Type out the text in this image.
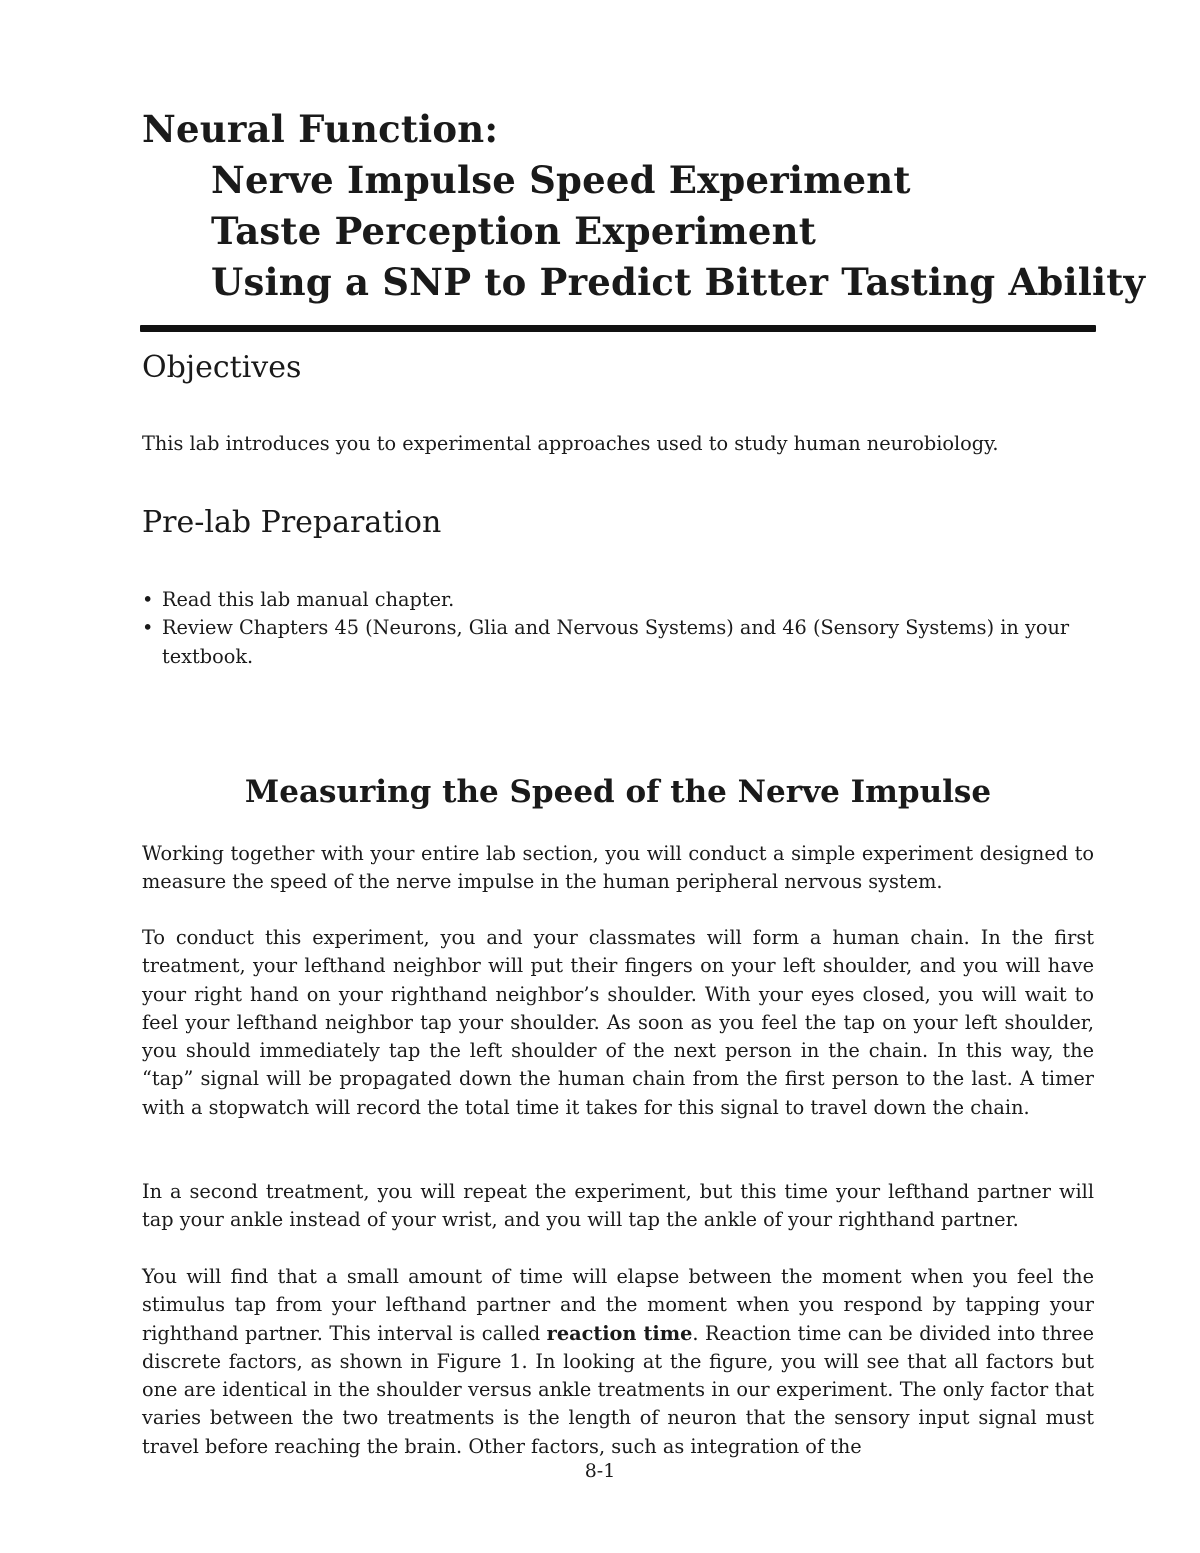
Neural Function:
Nerve Impulse Speed Experiment
Taste Perception Experiment
Using a SNP to Predict Bitter Tasting Ability
Objectives

This lab introduces you to experimental approaches used to study human neurobiology.

Pre-lab Preparation
• Read this lab manual chapter.
• Review Chapters 45 (Neurons, Glia and Nervous Systems) and 46 (Sensory Systems) in your textbook.
Measuring the Speed of the Nerve Impulse

Working together with your entire lab section, you will conduct a simple experiment designed to measure the speed of the nerve impulse in the human peripheral nervous system.

To conduct this experiment, you and your classmates will form a human chain. In the first treatment, your lefthand neighbor will put their fingers on your left shoulder, and you will have your right hand on your righthand neighbor’s shoulder. With your eyes closed, you will wait to feel your lefthand neighbor tap your shoulder. As soon as you feel the tap on your left shoulder, you should immediately tap the left shoulder of the next person in the chain. In this way, the “tap” signal will be propagated down the human chain from the first person to the last. A timer with a stopwatch will record the total time it takes for this signal to travel down the chain.

In a second treatment, you will repeat the experiment, but this time your lefthand partner will tap your ankle instead of your wrist, and you will tap the ankle of your righthand partner.

You will find that a small amount of time will elapse between the moment when you feel the stimulus tap from your lefthand partner and the moment when you respond by tapping your righthand partner. This interval is called reaction time. Reaction time can be divided into three discrete factors, as shown in Figure 1. In looking at the figure, you will see that all factors but one are identical in the shoulder versus ankle treatments in our experiment. The only factor that varies between the two treatments is the length of neuron that the sensory input signal must travel before reaching the brain. Other factors, such as integration of the

8-1
